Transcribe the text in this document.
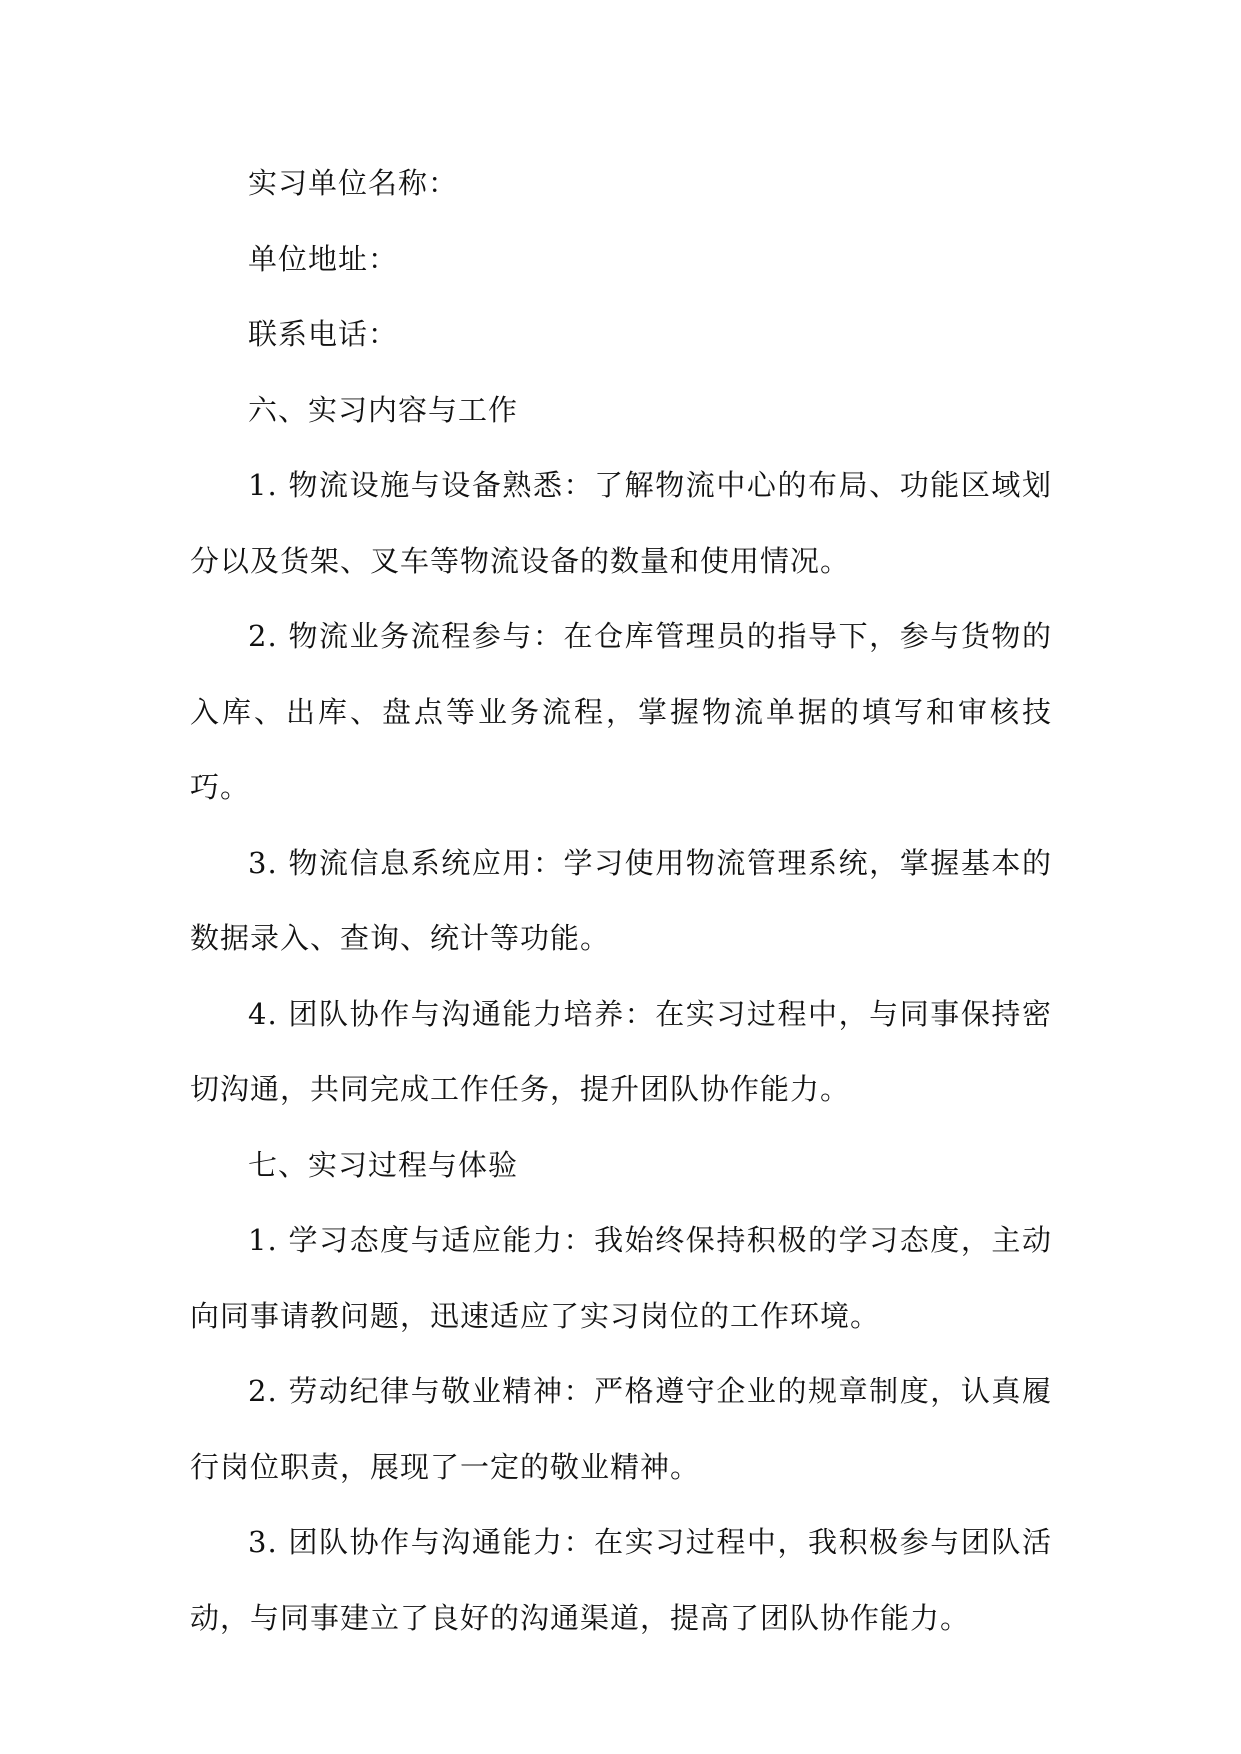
实习单位名称：

单位地址：

联系电话：

六、实习内容与工作

1. 物流设施与设备熟悉：了解物流中心的布局、功能区域划分以及货架、叉车等物流设备的数量和使用情况。

2. 物流业务流程参与：在仓库管理员的指导下，参与货物的入库、出库、盘点等业务流程，掌握物流单据的填写和审核技巧。

3. 物流信息系统应用：学习使用物流管理系统，掌握基本的数据录入、查询、统计等功能。

4. 团队协作与沟通能力培养：在实习过程中，与同事保持密切沟通，共同完成工作任务，提升团队协作能力。

七、实习过程与体验

1. 学习态度与适应能力：我始终保持积极的学习态度，主动向同事请教问题，迅速适应了实习岗位的工作环境。

2. 劳动纪律与敬业精神：严格遵守企业的规章制度，认真履行岗位职责，展现了一定的敬业精神。

3. 团队协作与沟通能力：在实习过程中，我积极参与团队活动，与同事建立了良好的沟通渠道，提高了团队协作能力。
